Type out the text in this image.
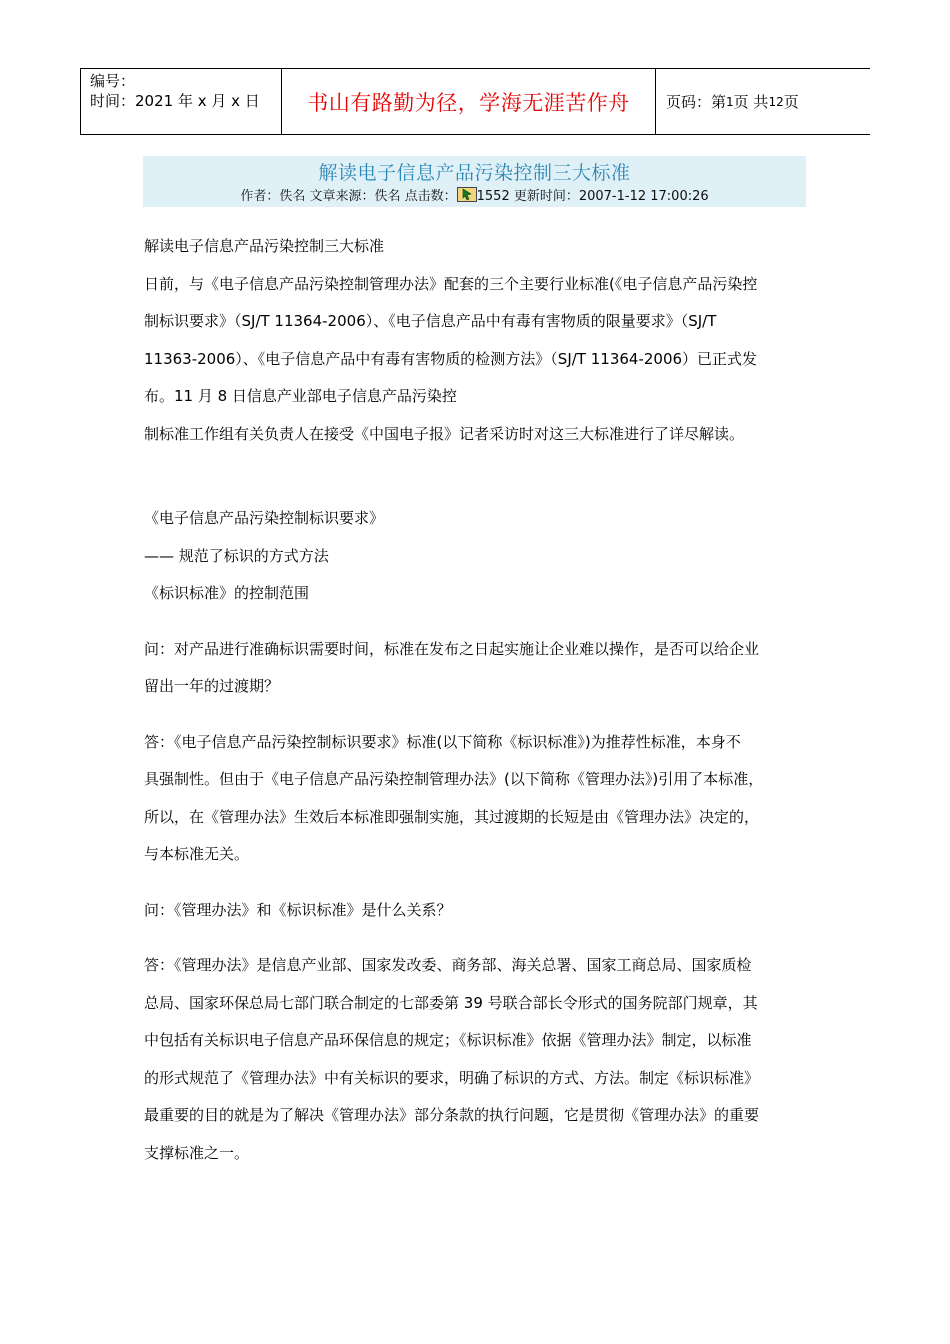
编号：
时间：2021 年 x 月 x 日	书山有路勤为径，学海无涯苦作舟	页码：第 1 页 共 12 页
解读电子信息产品污染控制三大标准
作者：佚名 文章来源：佚名 点击数： 1552 更新时间：2007-1-12 17:00:26

解读电子信息产品污染控制三大标准

日前，与《电子信息产品污染控制管理办法》配套的三个主要行业标准(《电子信息产品污染控

制标识要求》（SJ/T 11364-2006）、《电子信息产品中有毒有害物质的限量要求》（SJ/T

11363-2006）、《电子信息产品中有毒有害物质的检测方法》（SJ/T 11364-2006）已正式发

布。11 月 8 日信息产业部电子信息产品污染控

制标准工作组有关负责人在接受《中国电子报》记者采访时对这三大标准进行了详尽解读。

《电子信息产品污染控制标识要求》

—— 规范了标识的方式方法

《标识标准》的控制范围

问：对产品进行准确标识需要时间，标准在发布之日起实施让企业难以操作，是否可以给企业

留出一年的过渡期？

答：《电子信息产品污染控制标识要求》标准(以下简称《标识标准》)为推荐性标准，本身不

具强制性。但由于《电子信息产品污染控制管理办法》(以下简称《管理办法》)引用了本标准，

所以，在《管理办法》生效后本标准即强制实施，其过渡期的长短是由《管理办法》决定的，

与本标准无关。

问：《管理办法》和《标识标准》是什么关系？

答：《管理办法》是信息产业部、国家发改委、商务部、海关总署、国家工商总局、国家质检

总局、国家环保总局七部门联合制定的七部委第 39 号联合部长令形式的国务院部门规章，其

中包括有关标识电子信息产品环保信息的规定；《标识标准》依据《管理办法》制定，以标准

的形式规范了《管理办法》中有关标识的要求，明确了标识的方式、方法。制定《标识标准》

最重要的目的就是为了解决《管理办法》部分条款的执行问题，它是贯彻《管理办法》的重要

支撑标准之一。
